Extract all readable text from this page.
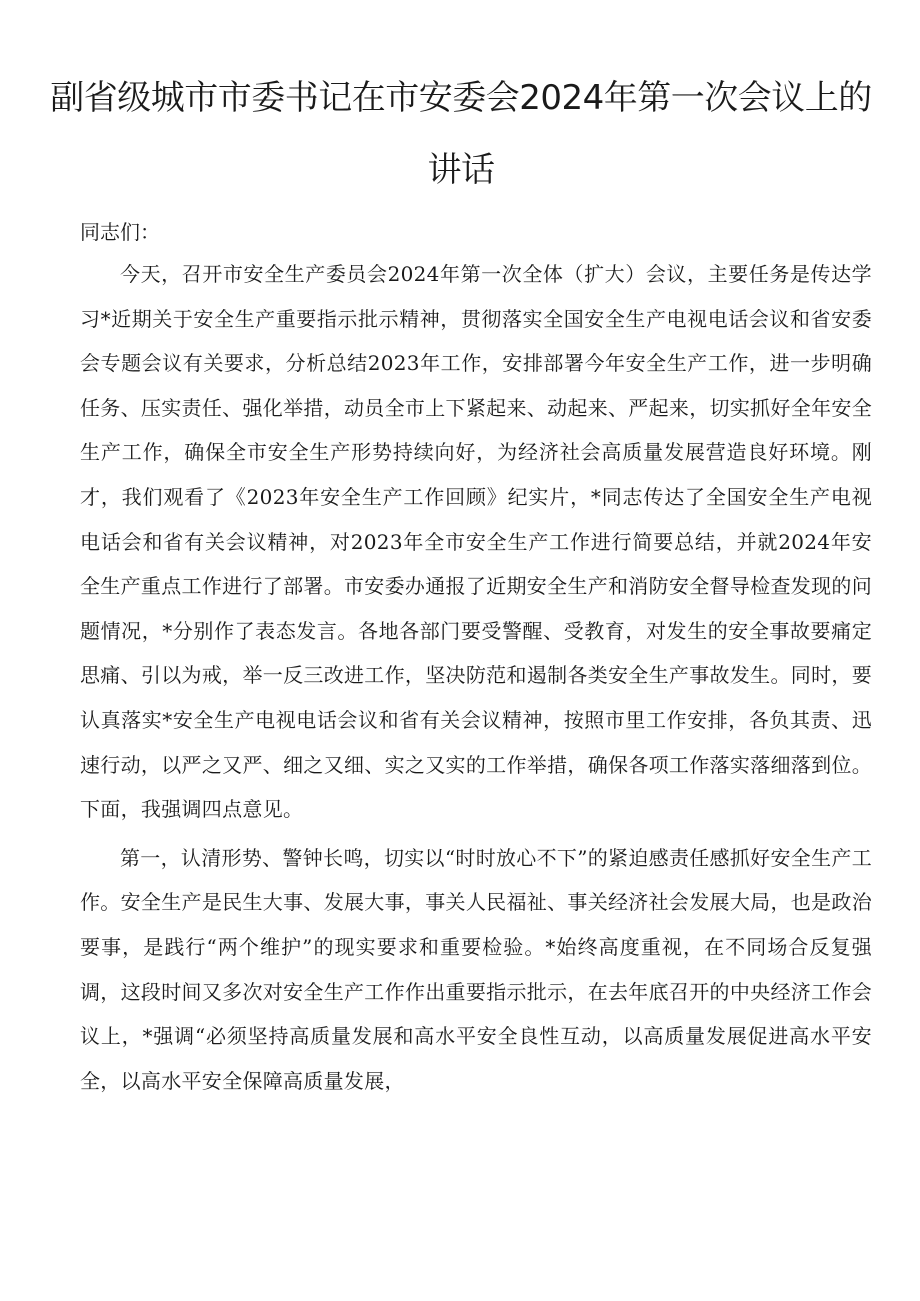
副省级城市市委书记在市安委会2024年第一次会议上的讲话

同志们：

今天，召开市安全生产委员会2024年第一次全体（扩大）会议，主要任务是传达学习*近期关于安全生产重要指示批示精神，贯彻落实全国安全生产电视电话会议和省安委会专题会议有关要求，分析总结2023年工作，安排部署今年安全生产工作，进一步明确任务、压实责任、强化举措，动员全市上下紧起来、动起来、严起来，切实抓好全年安全生产工作，确保全市安全生产形势持续向好，为经济社会高质量发展营造良好环境。刚才，我们观看了《2023年安全生产工作回顾》纪实片，*同志传达了全国安全生产电视电话会和省有关会议精神，对2023年全市安全生产工作进行简要总结，并就2024年安全生产重点工作进行了部署。市安委办通报了近期安全生产和消防安全督导检查发现的问题情况，*分别作了表态发言。各地各部门要受警醒、受教育，对发生的安全事故要痛定思痛、引以为戒，举一反三改进工作，坚决防范和遏制各类安全生产事故发生。同时，要认真落实*安全生产电视电话会议和省有关会议精神，按照市里工作安排，各负其责、迅速行动，以严之又严、细之又细、实之又实的工作举措，确保各项工作落实落细落到位。下面，我强调四点意见。

第一，认清形势、警钟长鸣，切实以“时时放心不下”的紧迫感责任感抓好安全生产工作。安全生产是民生大事、发展大事，事关人民福祉、事关经济社会发展大局，也是政治要事，是践行“两个维护”的现实要求和重要检验。*始终高度重视，在不同场合反复强调，这段时间又多次对安全生产工作作出重要指示批示，在去年底召开的中央经济工作会议上，*强调“必须坚持高质量发展和高水平安全良性互动，以高质量发展促进高水平安全，以高水平安全保障高质量发展，
